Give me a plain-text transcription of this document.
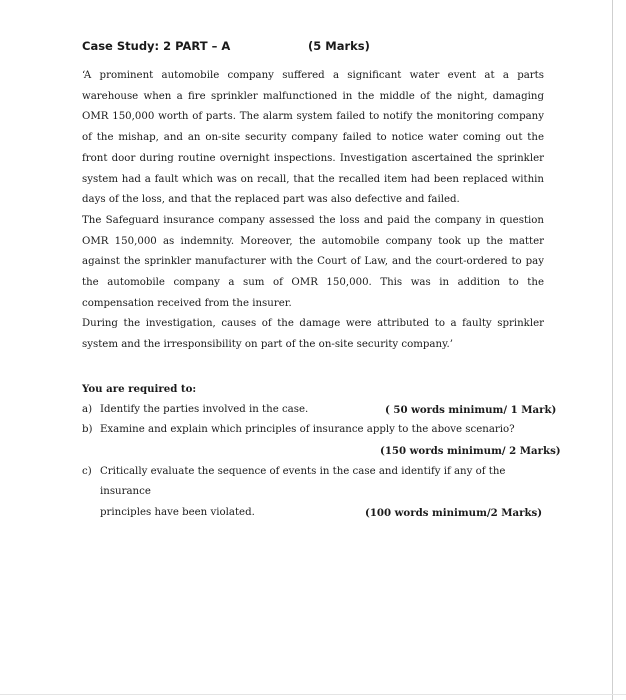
Case Study: 2 PART – A	(5 Marks)

‘A prominent automobile company suffered a significant water event at a parts warehouse when a fire sprinkler malfunctioned in the middle of the night, damaging OMR 150,000 worth of parts. The alarm system failed to notify the monitoring company of the mishap, and an on-site security company failed to notice water coming out the front door during routine overnight inspections. Investigation ascertained the sprinkler system had a fault which was on recall, that the recalled item had been replaced within days of the loss, and that the replaced part was also defective and failed.

The Safeguard insurance company assessed the loss and paid the company in question OMR 150,000 as indemnity. Moreover, the automobile company took up the matter against the sprinkler manufacturer with the Court of Law, and the court-ordered to pay the automobile company a sum of OMR 150,000. This was in addition to the compensation received from the insurer.

During the investigation, causes of the damage were attributed to a faulty sprinkler system and the irresponsibility on part of the on-site security company.’

You are required to:
a) Identify the parties involved in the case.	( 50 words minimum/ 1 Mark)
b) Examine and explain which principles of insurance apply to the above scenario?
(150 words minimum/ 2 Marks)
c) Critically evaluate the sequence of events in the case and identify if any of the insurance
principles have been violated.	(100 words minimum/2 Marks)
